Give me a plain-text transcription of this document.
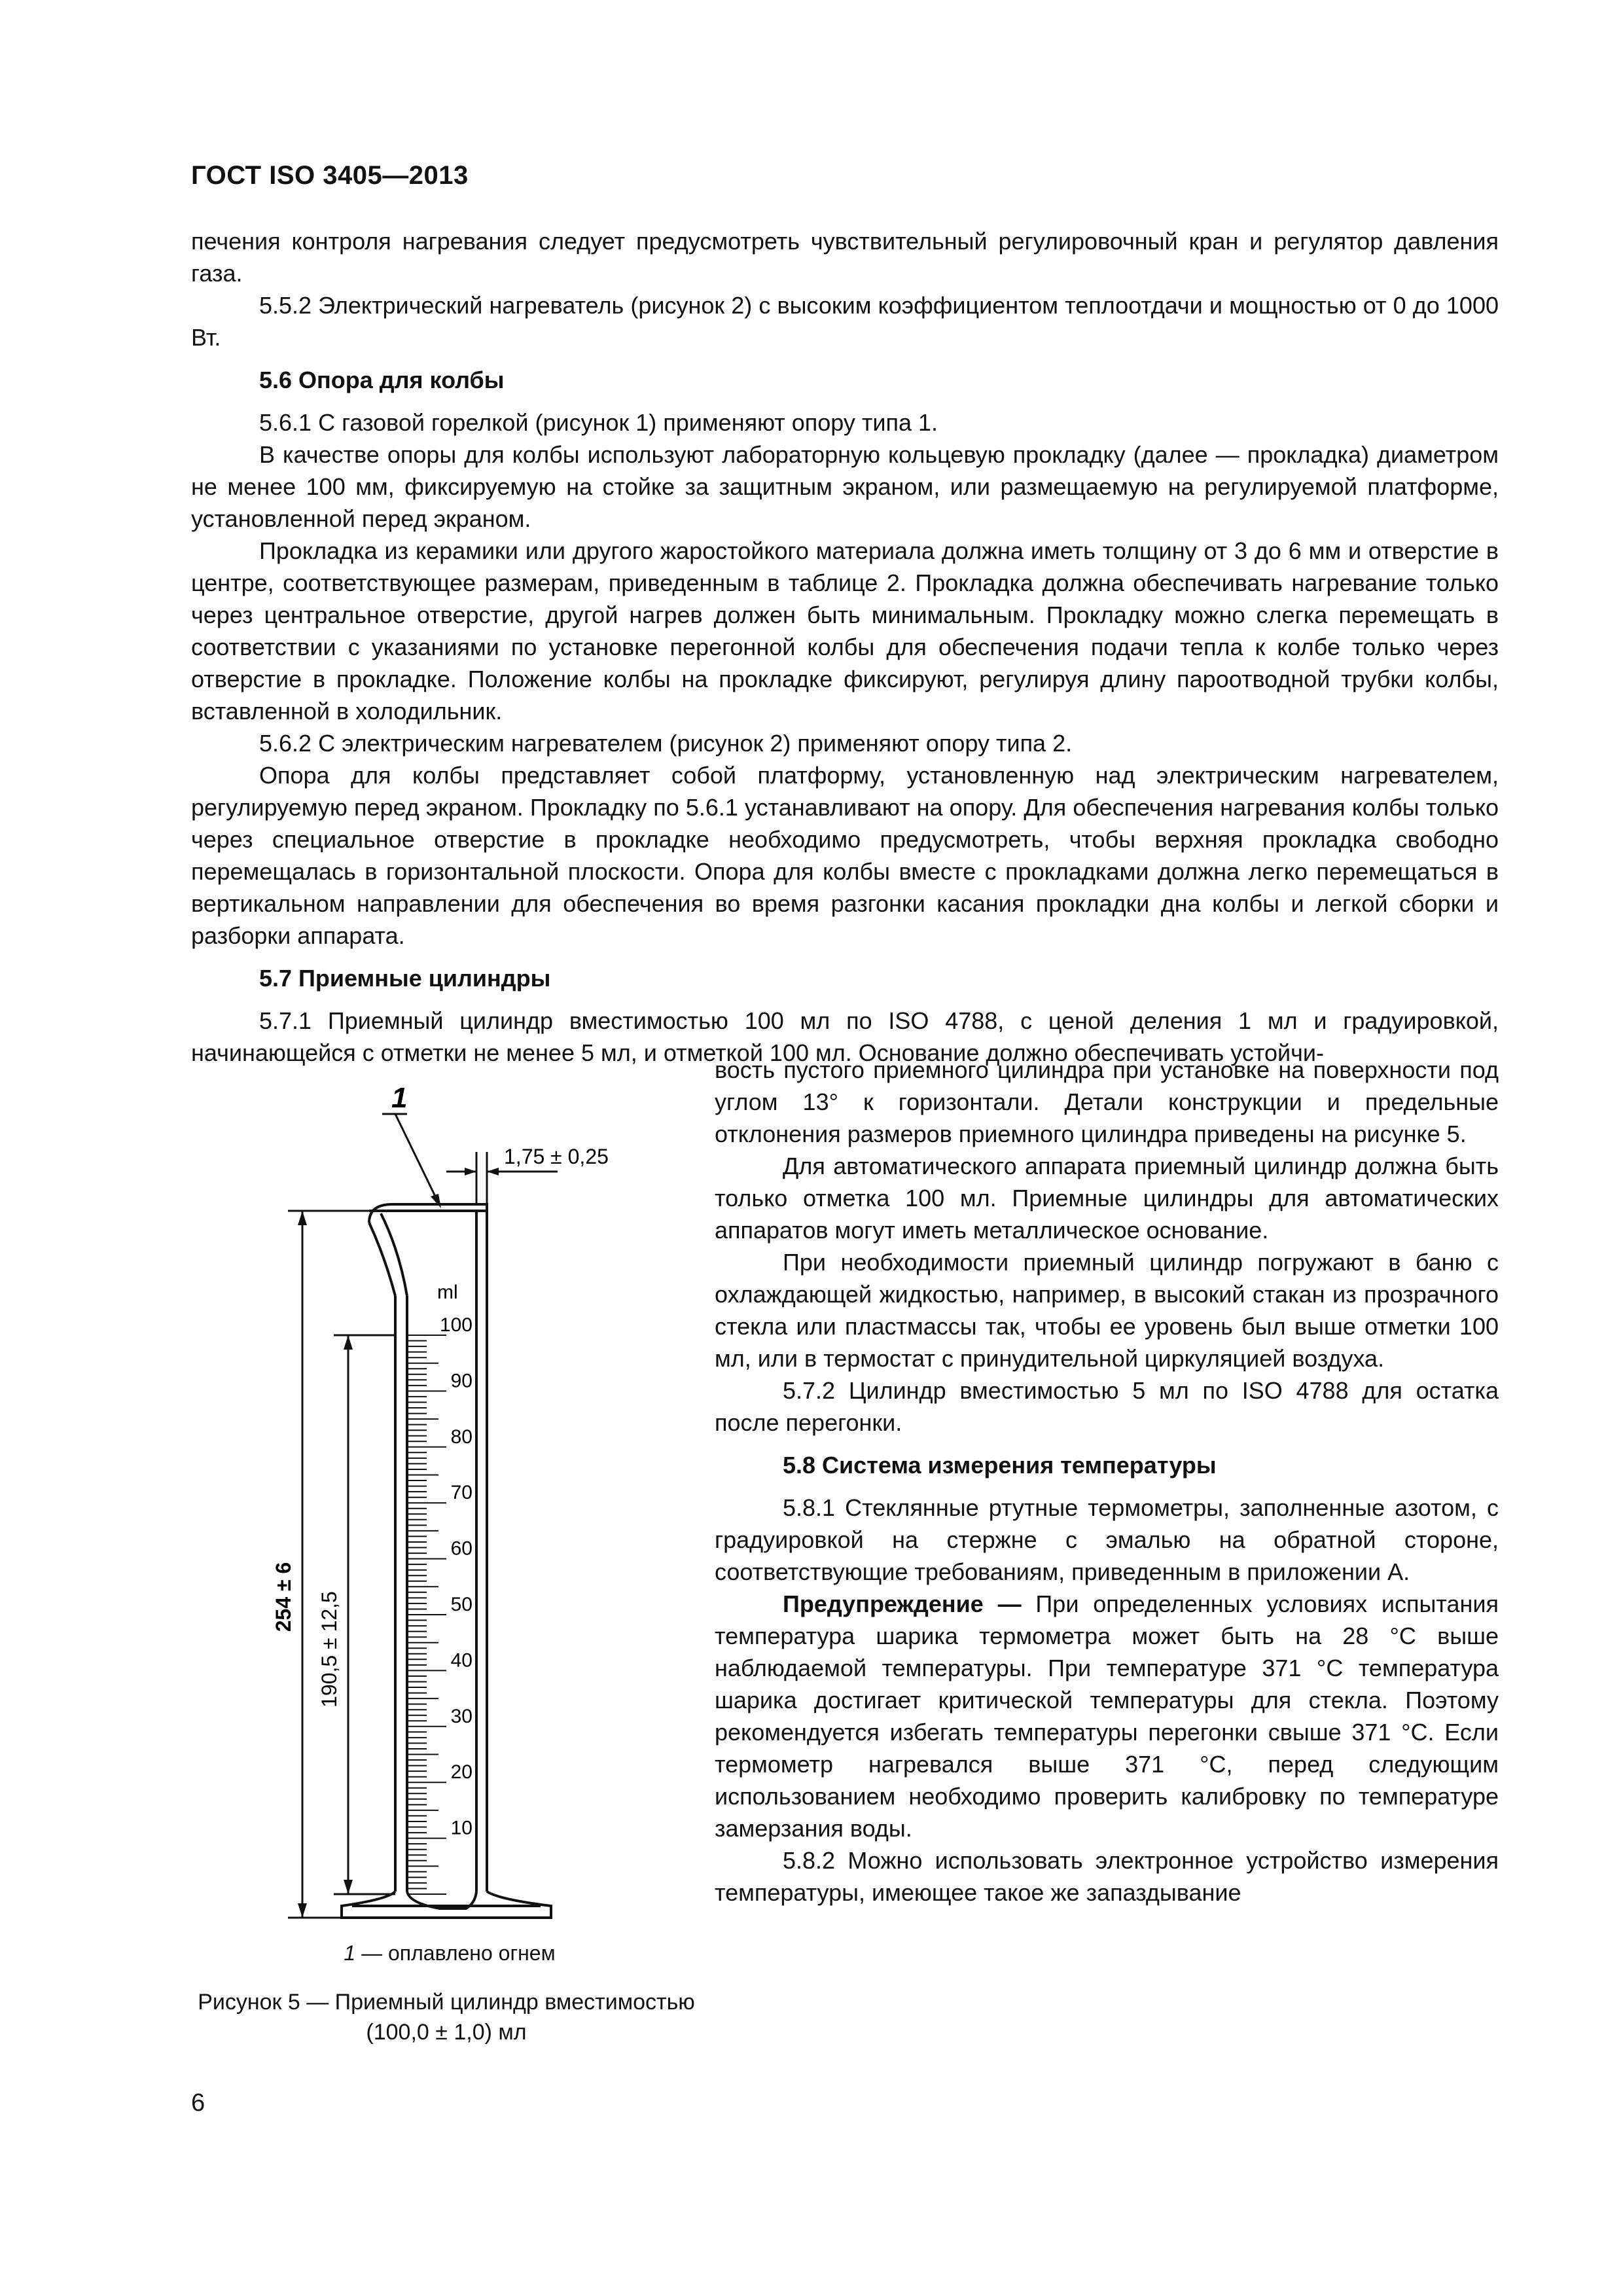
ГОСТ ISO 3405—2013

печения контроля нагревания следует предусмотреть чувствительный регулировочный кран и регулятор давления газа.

5.5.2 Электрический нагреватель (рисунок 2) с высоким коэффициентом теплоотдачи и мощностью от 0 до 1000 Вт.

5.6 Опора для колбы

5.6.1 С газовой горелкой (рисунок 1) применяют опору типа 1.

В качестве опоры для колбы используют лабораторную кольцевую прокладку (далее — прокладка) диаметром не менее 100 мм, фиксируемую на стойке за защитным экраном, или размещаемую на регулируемой платформе, установленной перед экраном.

Прокладка из керамики или другого жаростойкого материала должна иметь толщину от 3 до 6 мм и отверстие в центре, соответствующее размерам, приведенным в таблице 2. Прокладка должна обеспечивать нагревание только через центральное отверстие, другой нагрев должен быть минимальным. Прокладку можно слегка перемещать в соответствии с указаниями по установке перегонной колбы для обеспечения подачи тепла к колбе только через отверстие в прокладке. Положение колбы на прокладке фиксируют, регулируя длину пароотводной трубки колбы, вставленной в холодильник.

5.6.2 С электрическим нагревателем (рисунок 2) применяют опору типа 2.

Опора для колбы представляет собой платформу, установленную над электрическим нагревателем, регулируемую перед экраном. Прокладку по 5.6.1 устанавливают на опору. Для обеспечения нагревания колбы только через специальное отверстие в прокладке необходимо предусмотреть, чтобы верхняя прокладка свободно перемещалась в горизонтальной плоскости. Опора для колбы вместе с прокладками должна легко перемещаться в вертикальном направлении для обеспечения во время разгонки касания прокладки дна колбы и легкой сборки и разборки аппарата.

5.7 Приемные цилиндры

5.7.1 Приемный цилиндр вместимостью 100 мл по ISO 4788, с ценой деления 1 мл и градуировкой, начинающейся с отметки не менее 5 мл, и отметкой 100 мл. Основание должно обеспечивать устойчи-

1
1,75 ± 0,25
ml
100
90
80
70
60
50
40
30
20
10
254 ± 6 190,5 ± 12,5
1 — оплавлено огнем
Рисунок 5 — Приемный цилиндр вместимостью (100,0 ± 1,0) мл

вость пустого приемного цилиндра при установке на поверхности под углом 13° к горизонтали. Детали конструкции и предельные отклонения размеров приемного цилиндра приведены на рисунке 5.

Для автоматического аппарата приемный цилиндр должна быть только отметка 100 мл. Приемные цилиндры для автоматических аппаратов могут иметь металлическое основание.

При необходимости приемный цилиндр погружают в баню с охлаждающей жидкостью, например, в высокий стакан из прозрачного стекла или пластмассы так, чтобы ее уровень был выше отметки 100 мл, или в термостат с принудительной циркуляцией воздуха.

5.7.2 Цилиндр вместимостью 5 мл по ISO 4788 для остатка после перегонки.

5.8 Система измерения температуры

5.8.1 Стеклянные ртутные термометры, заполненные азотом, с градуировкой на стержне с эмалью на обратной стороне, соответствующие требованиям, приведенным в приложении А.

Предупреждение — При определенных условиях испытания температура шарика термометра может быть на 28 °С выше наблюдаемой температуры. При температуре 371 °С температура шарика достигает критической температуры для стекла. Поэтому рекомендуется избегать температуры перегонки свыше 371 °С. Если термометр нагревался выше 371 °С, перед следующим использованием необходимо проверить калибровку по температуре замерзания воды.

5.8.2 Можно использовать электронное устройство измерения температуры, имеющее такое же запаздывание

6
